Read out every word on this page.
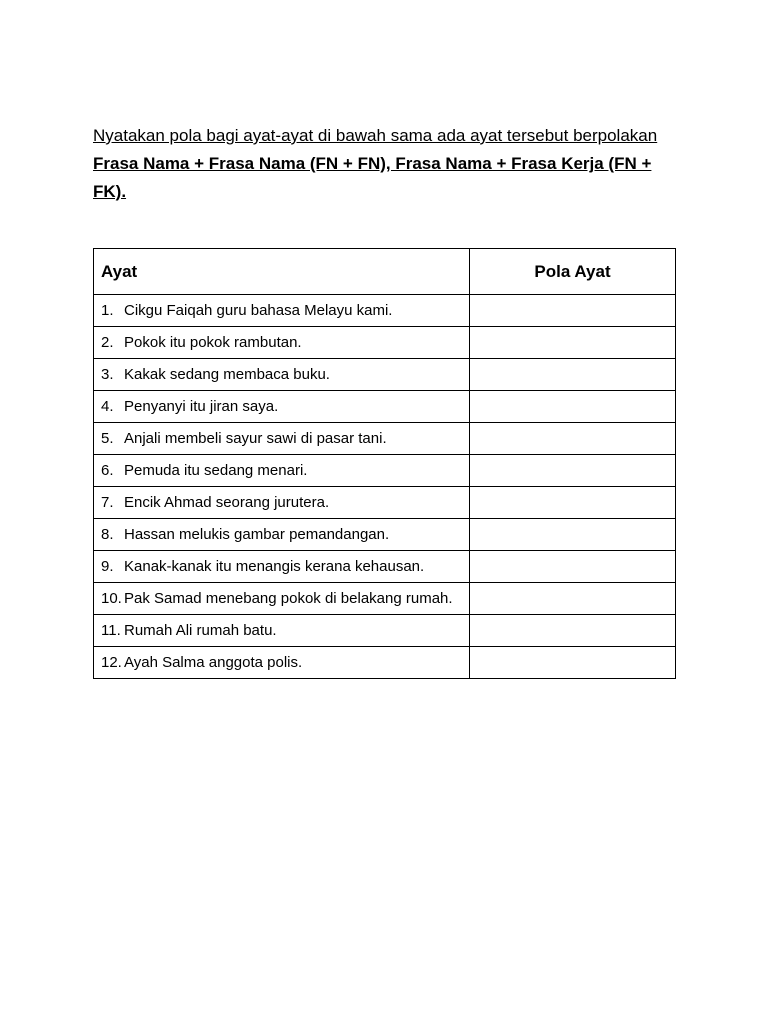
Nyatakan pola bagi ayat-ayat di bawah sama ada ayat tersebut berpolakan Frasa Nama + Frasa Nama (FN + FN), Frasa Nama + Frasa Kerja (FN + FK).
Ayat	Pola Ayat

1. Cikgu Faiqah guru bahasa Melayu kami.	

2. Pokok itu pokok rambutan.	

3. Kakak sedang membaca buku.	

4. Penyanyi itu jiran saya.	

5. Anjali membeli sayur sawi di pasar tani.	

6. Pemuda itu sedang menari.	

7. Encik Ahmad seorang jurutera.	

8. Hassan melukis gambar pemandangan.	

9. Kanak-kanak itu menangis kerana kehausan.	

10. Pak Samad menebang pokok di belakang rumah.	

11. Rumah Ali rumah batu.	

12. Ayah Salma anggota polis.	
